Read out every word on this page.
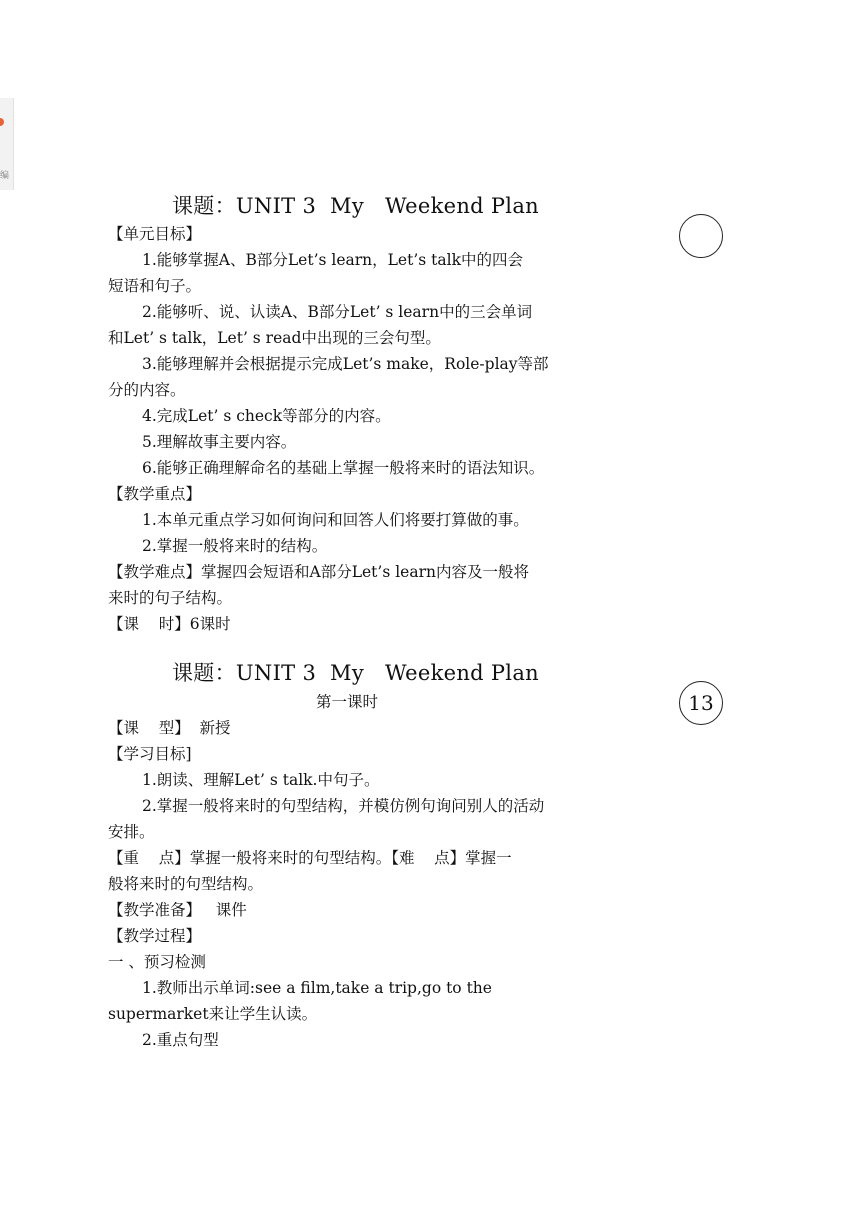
编
课题：UNIT 3  My   Weekend Plan
【单元目标】
1.能够掌握A、B部分Let’s learn，Let’s talk中的四会
短语和句子。
2.能够听、说、认读A、B部分Let’ s learn中的三会单词
和Let’ s talk，Let’ s read中出现的三会句型。
3.能够理解并会根据提示完成Let’s make，Role-play等部
分的内容。
4.完成Let’ s check等部分的内容。
5.理解故事主要内容。
6.能够正确理解命名的基础上掌握一般将来时的语法知识。
【教学重点】
1.本单元重点学习如何询问和回答人们将要打算做的事。
2.掌握一般将来时的结构。
【教学难点】掌握四会短语和A部分Let’s learn内容及一般将
来时的句子结构。
【课    时】6课时
课题：UNIT 3  My   Weekend Plan
13
第一课时
【课    型】  新授
【学习目标]
1.朗读、理解Let’ s talk.中句子。
2.掌握一般将来时的句型结构，并模仿例句询问别人的活动
安排。
【重    点】掌握一般将来时的句型结构。【难    点】掌握一
般将来时的句型结构。
【教学准备】   课件
【教学过程】
一 、预习检测
1.教师出示单词:see a film,take a trip,go to the
supermarket来让学生认读。
2.重点句型
